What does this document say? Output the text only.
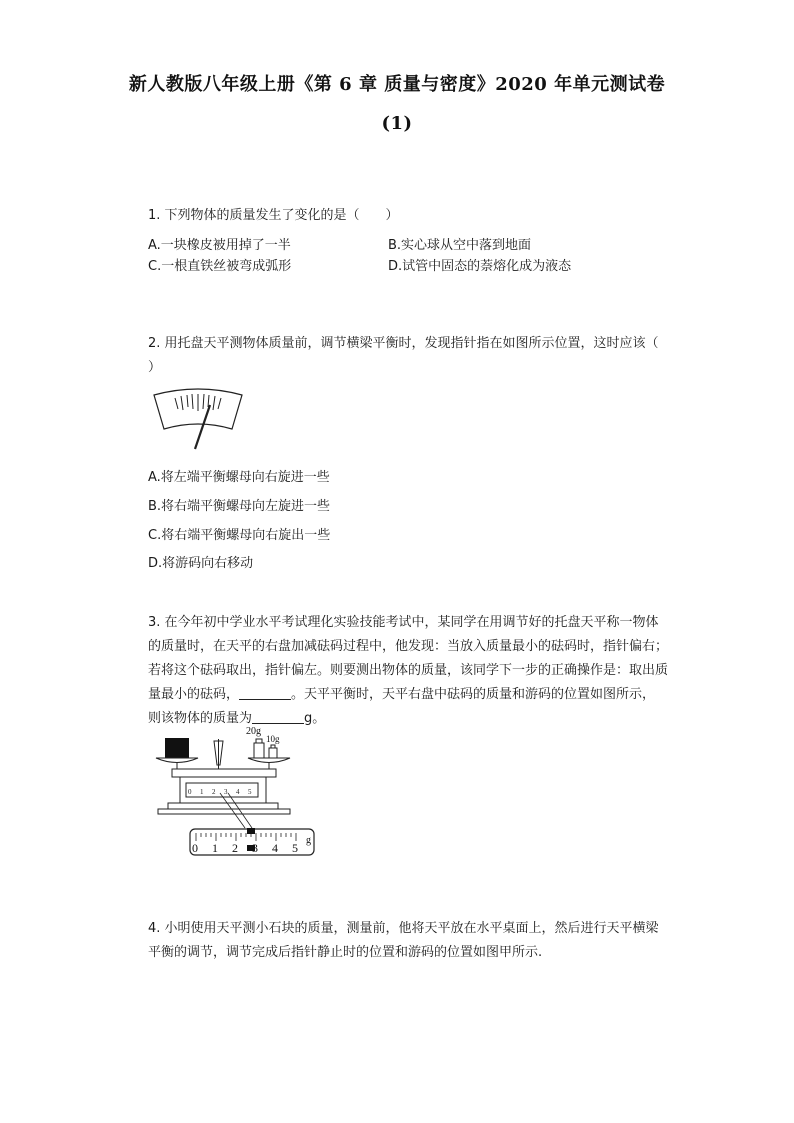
新人教版八年级上册《第 6 章 质量与密度》2020 年单元测试卷
(1)
1. 下列物体的质量发生了变化的是（　　）
A.一块橡皮被用掉了一半	B.实心球从空中落到地面
C.一根直铁丝被弯成弧形	D.试管中固态的萘熔化成为液态
2. 用托盘天平测物体质量前，调节横梁平衡时，发现指针指在如图所示位置，这时应该（ ）
A.将左端平衡螺母向右旋进一些
B.将右端平衡螺母向左旋进一些
C.将右端平衡螺母向右旋出一些
D.将游码向右移动
3. 在今年初中学业水平考试理化实验技能考试中，某同学在用调节好的托盘天平称一物体的质量时，在天平的右盘加减砝码过程中，他发现：当放入质量最小的砝码时，指针偏右；若将这个砝码取出，指针偏左。则要测出物体的质量，该同学下一步的正确操作是：取出质量最小的砝码，	。天平平衡时，天平右盘中砝码的质量和游码的位置如图所示，则该物体的质量为	g。
20g
10g
0 1 2 3 4 5
0 1 2 3 4 5
g
4. 小明使用天平测小石块的质量，测量前，他将天平放在水平桌面上，然后进行天平横梁平衡的调节，调节完成后指针静止时的位置和游码的位置如图甲所示.
